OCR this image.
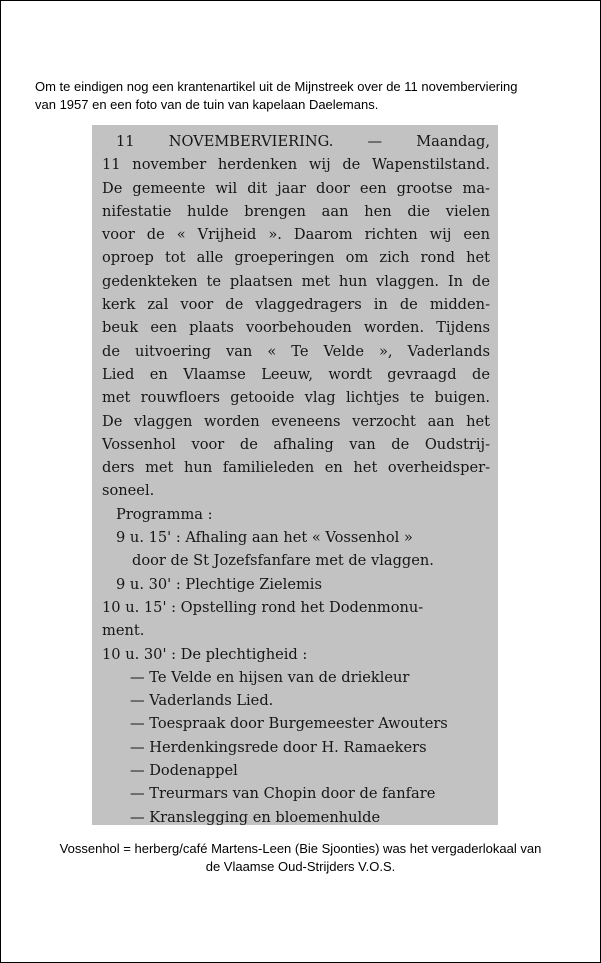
Om te eindigen nog een krantenartikel uit de Mijnstreek over de 11 novemberviering
van 1957 en een foto van de tuin van kapelaan Daelemans.
11 NOVEMBERVIERING. — Maandag,
11 november herdenken wij de Wapenstilstand.
De gemeente wil dit jaar door een grootse ma-
nifestatie hulde brengen aan hen die vielen
voor de « Vrijheid ». Daarom richten wij een
oproep tot alle groeperingen om zich rond het
gedenkteken te plaatsen met hun vlaggen. In de
kerk zal voor de vlaggedragers in de midden-
beuk een plaats voorbehouden worden. Tijdens
de uitvoering van « Te Velde », Vaderlands
Lied en Vlaamse Leeuw, wordt gevraagd de
met rouwfloers getooide vlag lichtjes te buigen.
De vlaggen worden eveneens verzocht aan het
Vossenhol voor de afhaling van de Oudstrij-
ders met hun familieleden en het overheidsper-
soneel.
Programma :
9 u. 15' : Afhaling aan het « Vossenhol »
door de St Jozefsfanfare met de vlaggen.
9 u. 30' : Plechtige Zielemis
10 u. 15' : Opstelling rond het Dodenmonu-
ment.
10 u. 30' : De plechtigheid :
— Te Velde en hijsen van de driekleur
— Vaderlands Lied.
— Toespraak door Burgemeester Awouters
— Herdenkingsrede door H. Ramaekers
— Dodenappel
— Treurmars van Chopin door de fanfare
— Kranslegging en bloemenhulde
Vossenhol = herberg/café Martens-Leen (Bie Sjoonties) was het vergaderlokaal van
de Vlaamse Oud-Strijders V.O.S.
